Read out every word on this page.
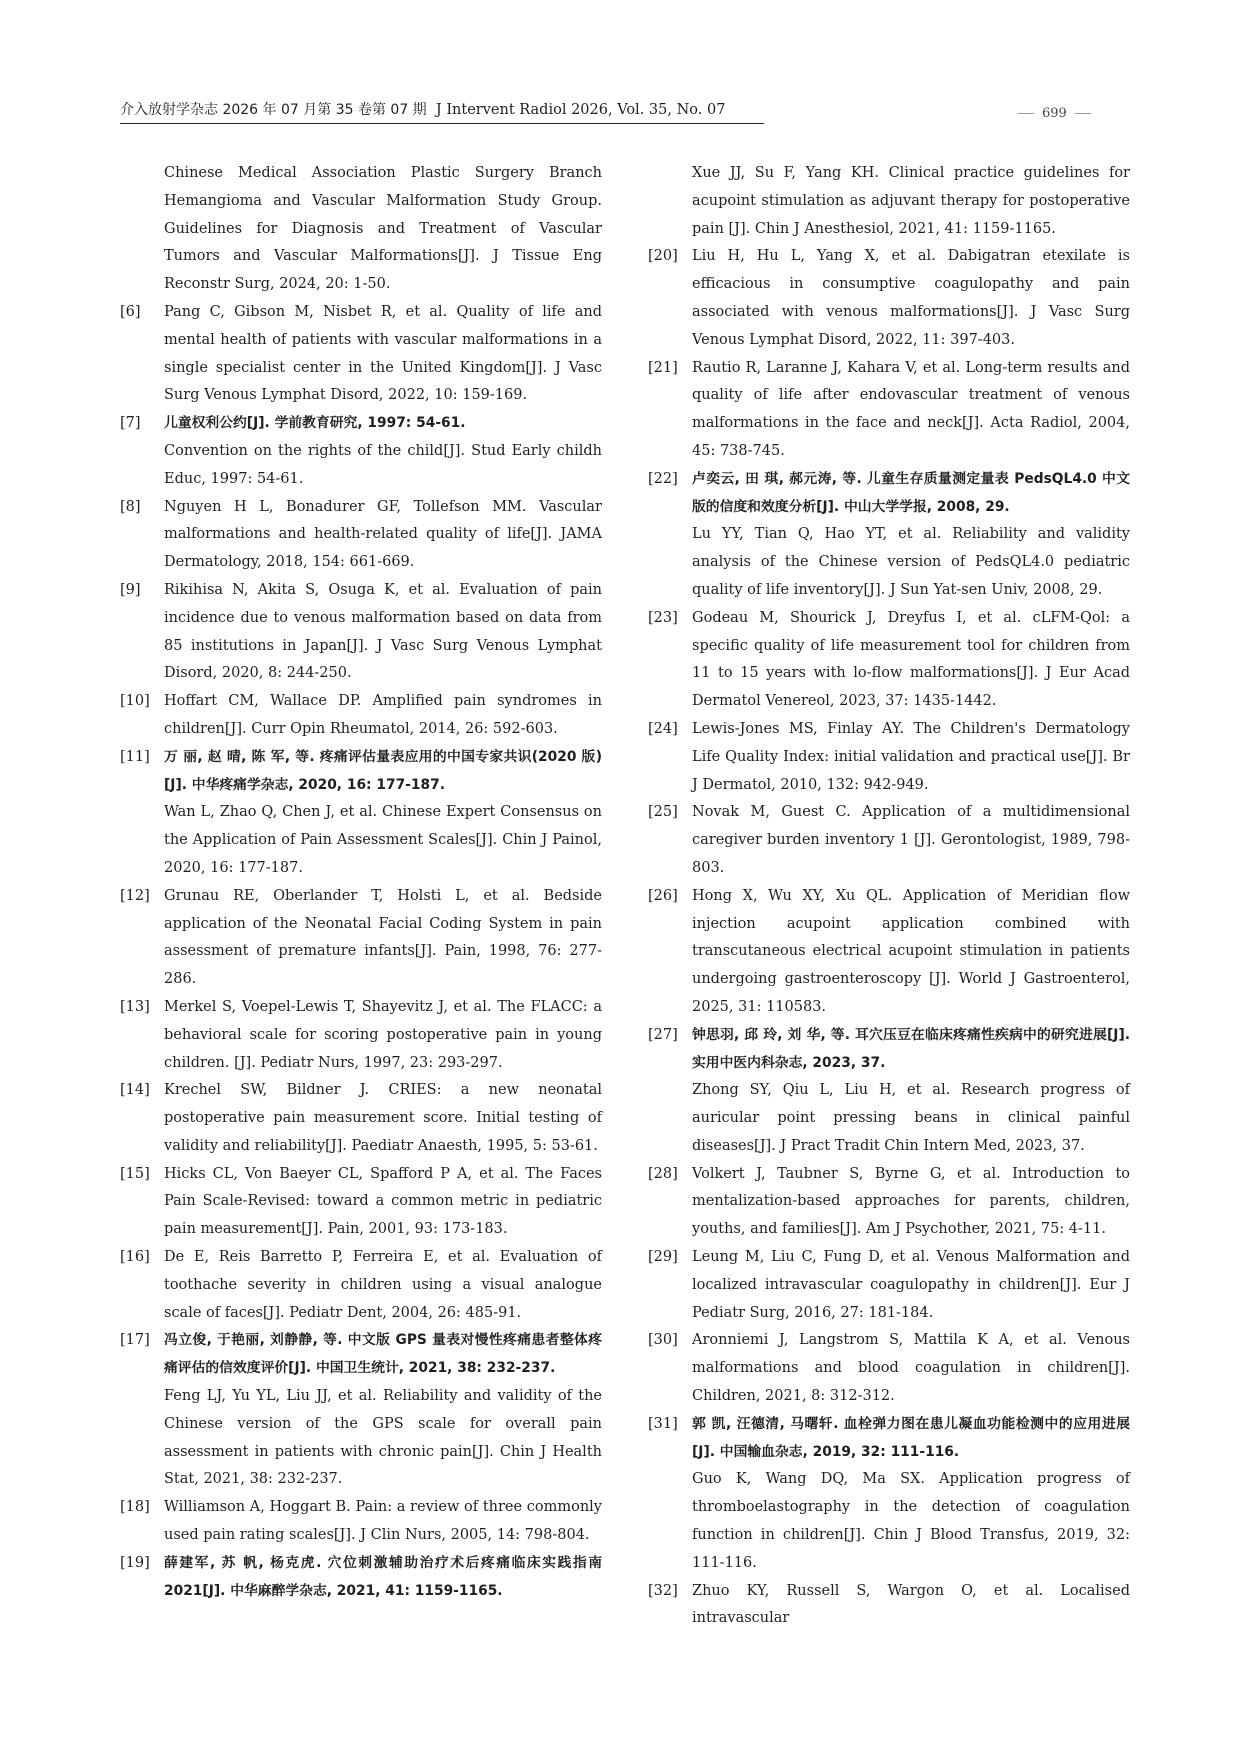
介入放射学杂志 2026 年 07 月第 35 卷第 07 期 J Intervent Radiol 2026, Vol. 35, No. 07	699
Chinese Medical Association Plastic Surgery Branch Hemangioma and Vascular Malformation Study Group. Guidelines for Diagnosis and Treatment of Vascular Tumors and Vascular Malformations[J]. J Tissue Eng Reconstr Surg, 2024, 20: 1-50.
[6]	Pang C, Gibson M, Nisbet R, et al. Quality of life and mental health of patients with vascular malformations in a single specialist center in the United Kingdom[J]. J Vasc Surg Venous Lymphat Disord, 2022, 10: 159-169.
[7]	儿童权利公约[J]. 学前教育研究, 1997: 54-61.
Convention on the rights of the child[J]. Stud Early childh Educ, 1997: 54-61.
[8]	Nguyen H L, Bonadurer GF, Tollefson MM. Vascular malformations and health-related quality of life[J]. JAMA Dermatology, 2018, 154: 661-669.
[9]	Rikihisa N, Akita S, Osuga K, et al. Evaluation of pain incidence due to venous malformation based on data from 85 institutions in Japan[J]. J Vasc Surg Venous Lymphat Disord, 2020, 8: 244-250.
[10] Hoffart CM, Wallace DP. Amplified pain syndromes in children[J]. Curr Opin Rheumatol, 2014, 26: 592-603.
[11]	万 丽, 赵 晴, 陈 军, 等. 疼痛评估量表应用的中国专家共识(2020 版)[J]. 中华疼痛学杂志, 2020, 16: 177-187.
Wan L, Zhao Q, Chen J, et al. Chinese Expert Consensus on the Application of Pain Assessment Scales[J]. Chin J Painol, 2020, 16: 177-187.
[12] Grunau RE, Oberlander T, Holsti L, et al. Bedside application of the Neonatal Facial Coding System in pain assessment of premature infants[J]. Pain, 1998, 76: 277-286.
[13] Merkel S, Voepel-Lewis T, Shayevitz J, et al. The FLACC: a behavioral scale for scoring postoperative pain in young children. [J]. Pediatr Nurs, 1997, 23: 293-297.
[14] Krechel SW, Bildner J. CRIES: a new neonatal postoperative pain measurement score. Initial testing of validity and reliability[J]. Paediatr Anaesth, 1995, 5: 53-61.
[15] Hicks CL, Von Baeyer CL, Spafford P A, et al. The Faces Pain Scale-Revised: toward a common metric in pediatric pain measurement[J]. Pain, 2001, 93: 173-183.
[16] De E, Reis Barretto P, Ferreira E, et al. Evaluation of toothache severity in children using a visual analogue scale of faces[J]. Pediatr Dent, 2004, 26: 485-91.
[17]	冯立俊, 于艳丽, 刘静静, 等. 中文版 GPS 量表对慢性疼痛患者整体疼痛评估的信效度评价[J]. 中国卫生统计, 2021, 38: 232-237.
Feng LJ, Yu YL, Liu JJ, et al. Reliability and validity of the Chinese version of the GPS scale for overall pain assessment in patients with chronic pain[J]. Chin J Health Stat, 2021, 38: 232-237.
[18] Williamson A, Hoggart B. Pain: a review of three commonly used pain rating scales[J]. J Clin Nurs, 2005, 14: 798-804.
[19]	薛建军, 苏 帆, 杨克虎. 穴位刺激辅助治疗术后疼痛临床实践指南 2021[J]. 中华麻醉学杂志, 2021, 41: 1159-1165.
Xue JJ, Su F, Yang KH. Clinical practice guidelines for acupoint stimulation as adjuvant therapy for postoperative pain [J]. Chin J Anesthesiol, 2021, 41: 1159-1165.
[20] Liu H, Hu L, Yang X, et al. Dabigatran etexilate is efficacious in consumptive coagulopathy and pain associated with venous malformations[J]. J Vasc Surg Venous Lymphat Disord, 2022, 11: 397-403.
[21] Rautio R, Laranne J, Kahara V, et al. Long-term results and quality of life after endovascular treatment of venous malformations in the face and neck[J]. Acta Radiol, 2004, 45: 738-745.
[22]	卢奕云, 田 琪, 郝元涛, 等. 儿童生存质量测定量表 PedsQL4.0 中文版的信度和效度分析[J]. 中山大学学报, 2008, 29.
Lu YY, Tian Q, Hao YT, et al. Reliability and validity analysis of the Chinese version of PedsQL4.0 pediatric quality of life inventory[J]. J Sun Yat-sen Univ, 2008, 29.
[23] Godeau M, Shourick J, Dreyfus I, et al. cLFM-Qol: a specific quality of life measurement tool for children from 11 to 15 years with lo-flow malformations[J]. J Eur Acad Dermatol Venereol, 2023, 37: 1435-1442.
[24] Lewis-Jones MS, Finlay AY. The Children's Dermatology Life Quality Index: initial validation and practical use[J]. Br J Dermatol, 2010, 132: 942-949.
[25] Novak M, Guest C. Application of a multidimensional caregiver burden inventory 1 [J]. Gerontologist, 1989, 798-803.
[26] Hong X, Wu XY, Xu QL. Application of Meridian flow injection acupoint application combined with transcutaneous electrical acupoint stimulation in patients undergoing gastroenteroscopy [J]. World J Gastroenterol, 2025, 31: 110583.
[27]	钟思羽, 邱 玲, 刘 华, 等. 耳穴压豆在临床疼痛性疾病中的研究进展[J]. 实用中医内科杂志, 2023, 37.
Zhong SY, Qiu L, Liu H, et al. Research progress of auricular point pressing beans in clinical painful diseases[J]. J Pract Tradit Chin Intern Med, 2023, 37.
[28] Volkert J, Taubner S, Byrne G, et al. Introduction to mentalization-based approaches for parents, children, youths, and families[J]. Am J Psychother, 2021, 75: 4-11.
[29] Leung M, Liu C, Fung D, et al. Venous Malformation and localized intravascular coagulopathy in children[J]. Eur J Pediatr Surg, 2016, 27: 181-184.
[30] Aronniemi J, Langstrom S, Mattila K A, et al. Venous malformations and blood coagulation in children[J]. Children, 2021, 8: 312-312.
[31]	郭 凯, 汪德清, 马曙轩. 血栓弹力图在患儿凝血功能检测中的应用进展[J]. 中国输血杂志, 2019, 32: 111-116.
Guo K, Wang DQ, Ma SX. Application progress of thromboelastography in the detection of coagulation function in children[J]. Chin J Blood Transfus, 2019, 32: 111-116.
[32] Zhuo KY, Russell S, Wargon O, et al. Localised intravascular
